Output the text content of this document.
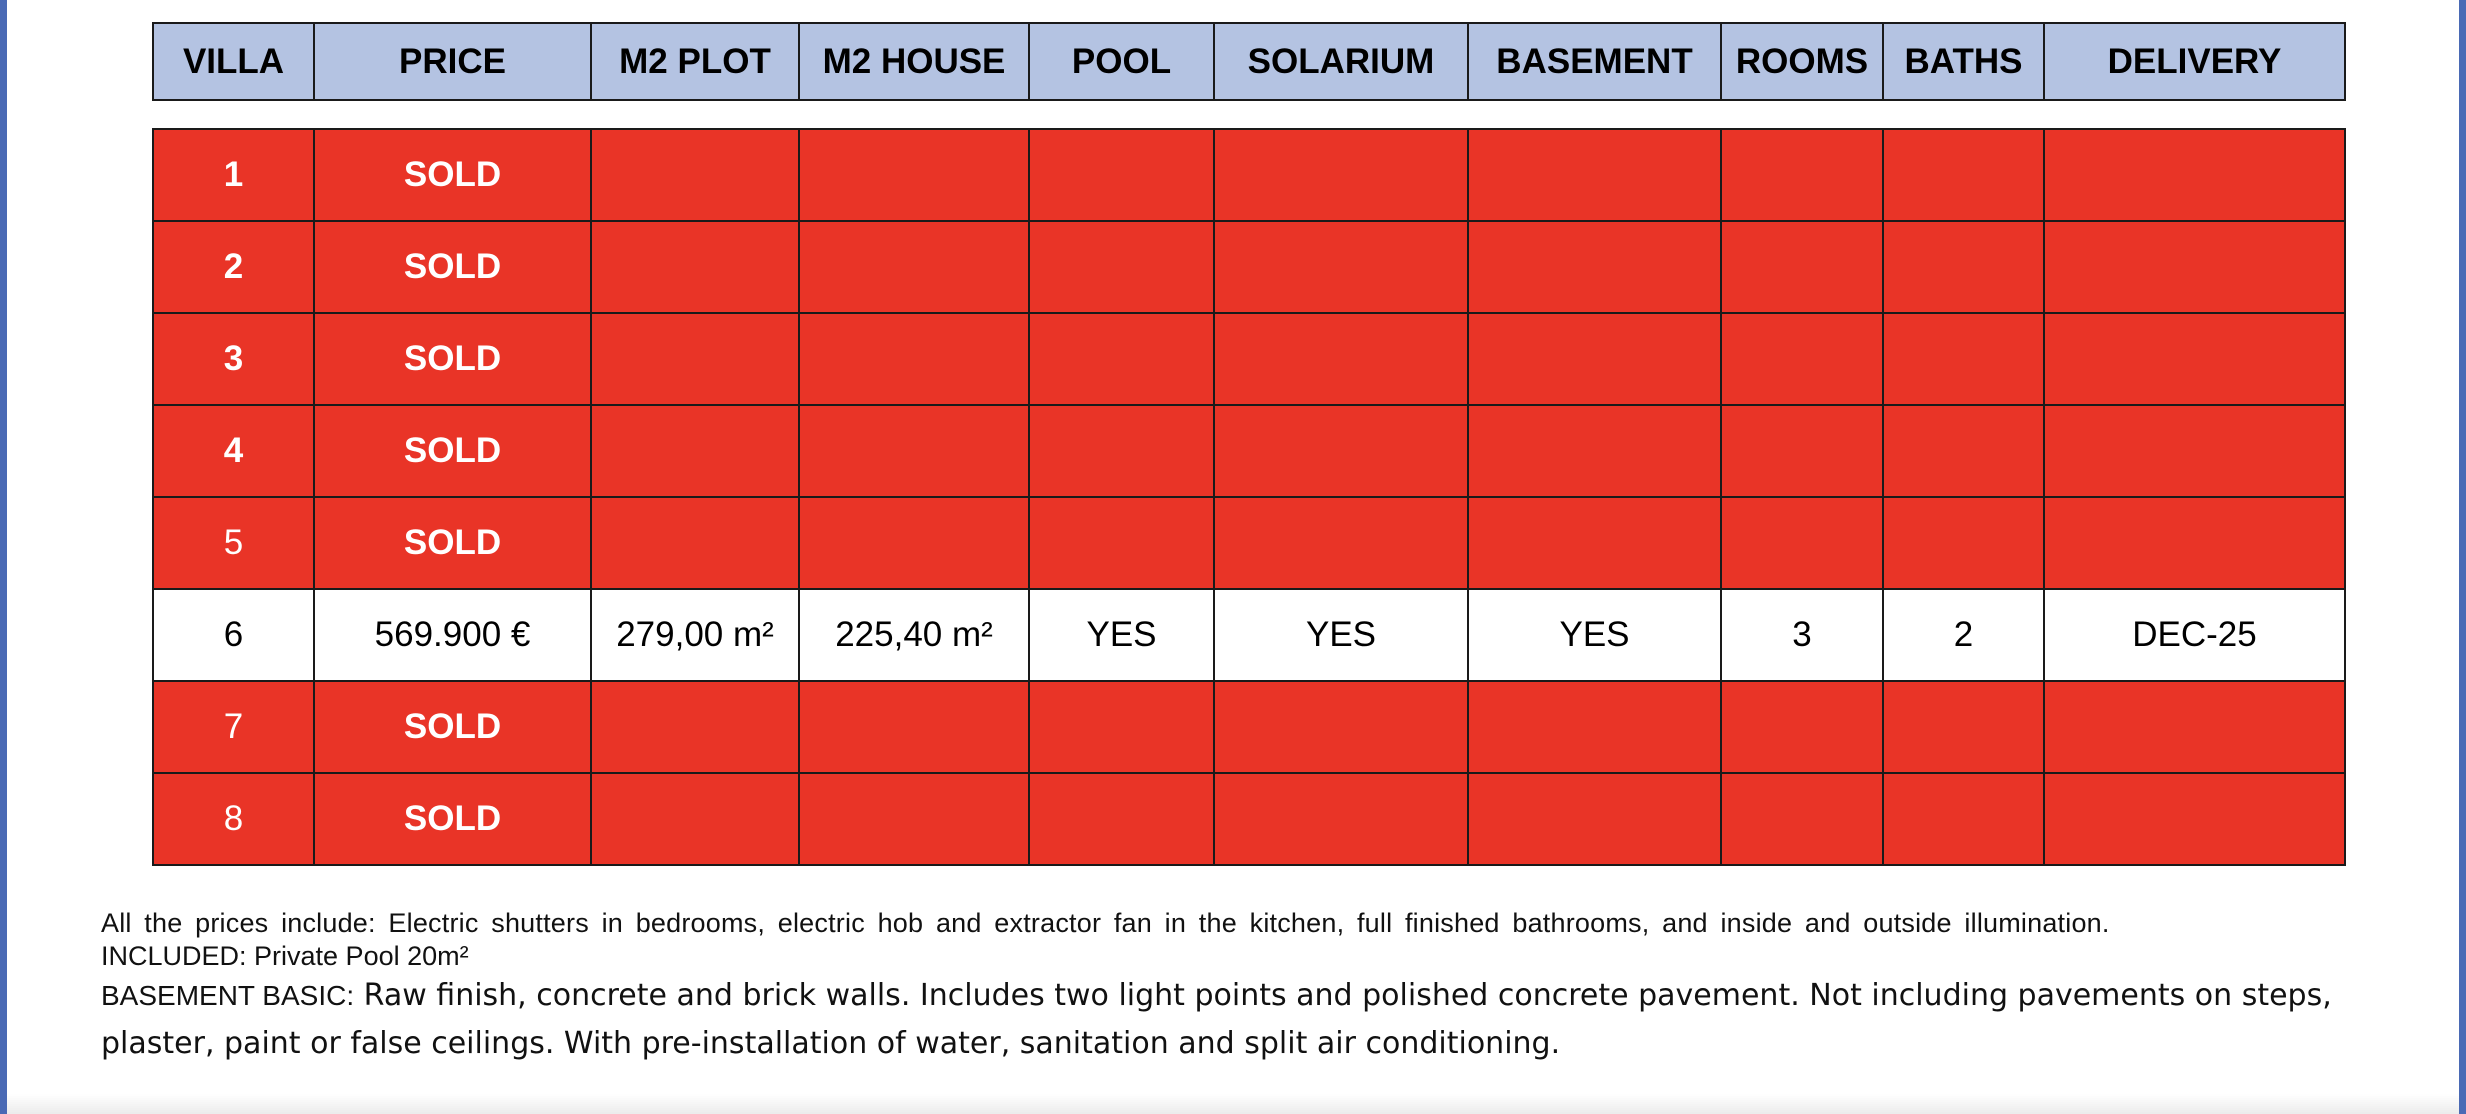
VILLA	PRICE	M2 PLOT	M2 HOUSE	POOL	SOLARIUM	BASEMENT	ROOMS	BATHS	DELIVERY

1	SOLD								
2	SOLD								
3	SOLD								
4	SOLD								
5	SOLD								
6	569.900 €	279,00 m²	225,40 m²	YES	YES	YES	3	2	DEC-25
7	SOLD								
8	SOLD								
All the prices include: Electric shutters in bedrooms, electric hob and extractor fan in the kitchen, full finished bathrooms, and inside and outside illumination.
INCLUDED: Private Pool 20m²
BASEMENT BASIC: Raw finish, concrete and brick walls. Includes two light points and polished concrete pavement. Not including pavements on steps,
plaster, paint or false ceilings. With pre-installation of water, sanitation and split air conditioning.
